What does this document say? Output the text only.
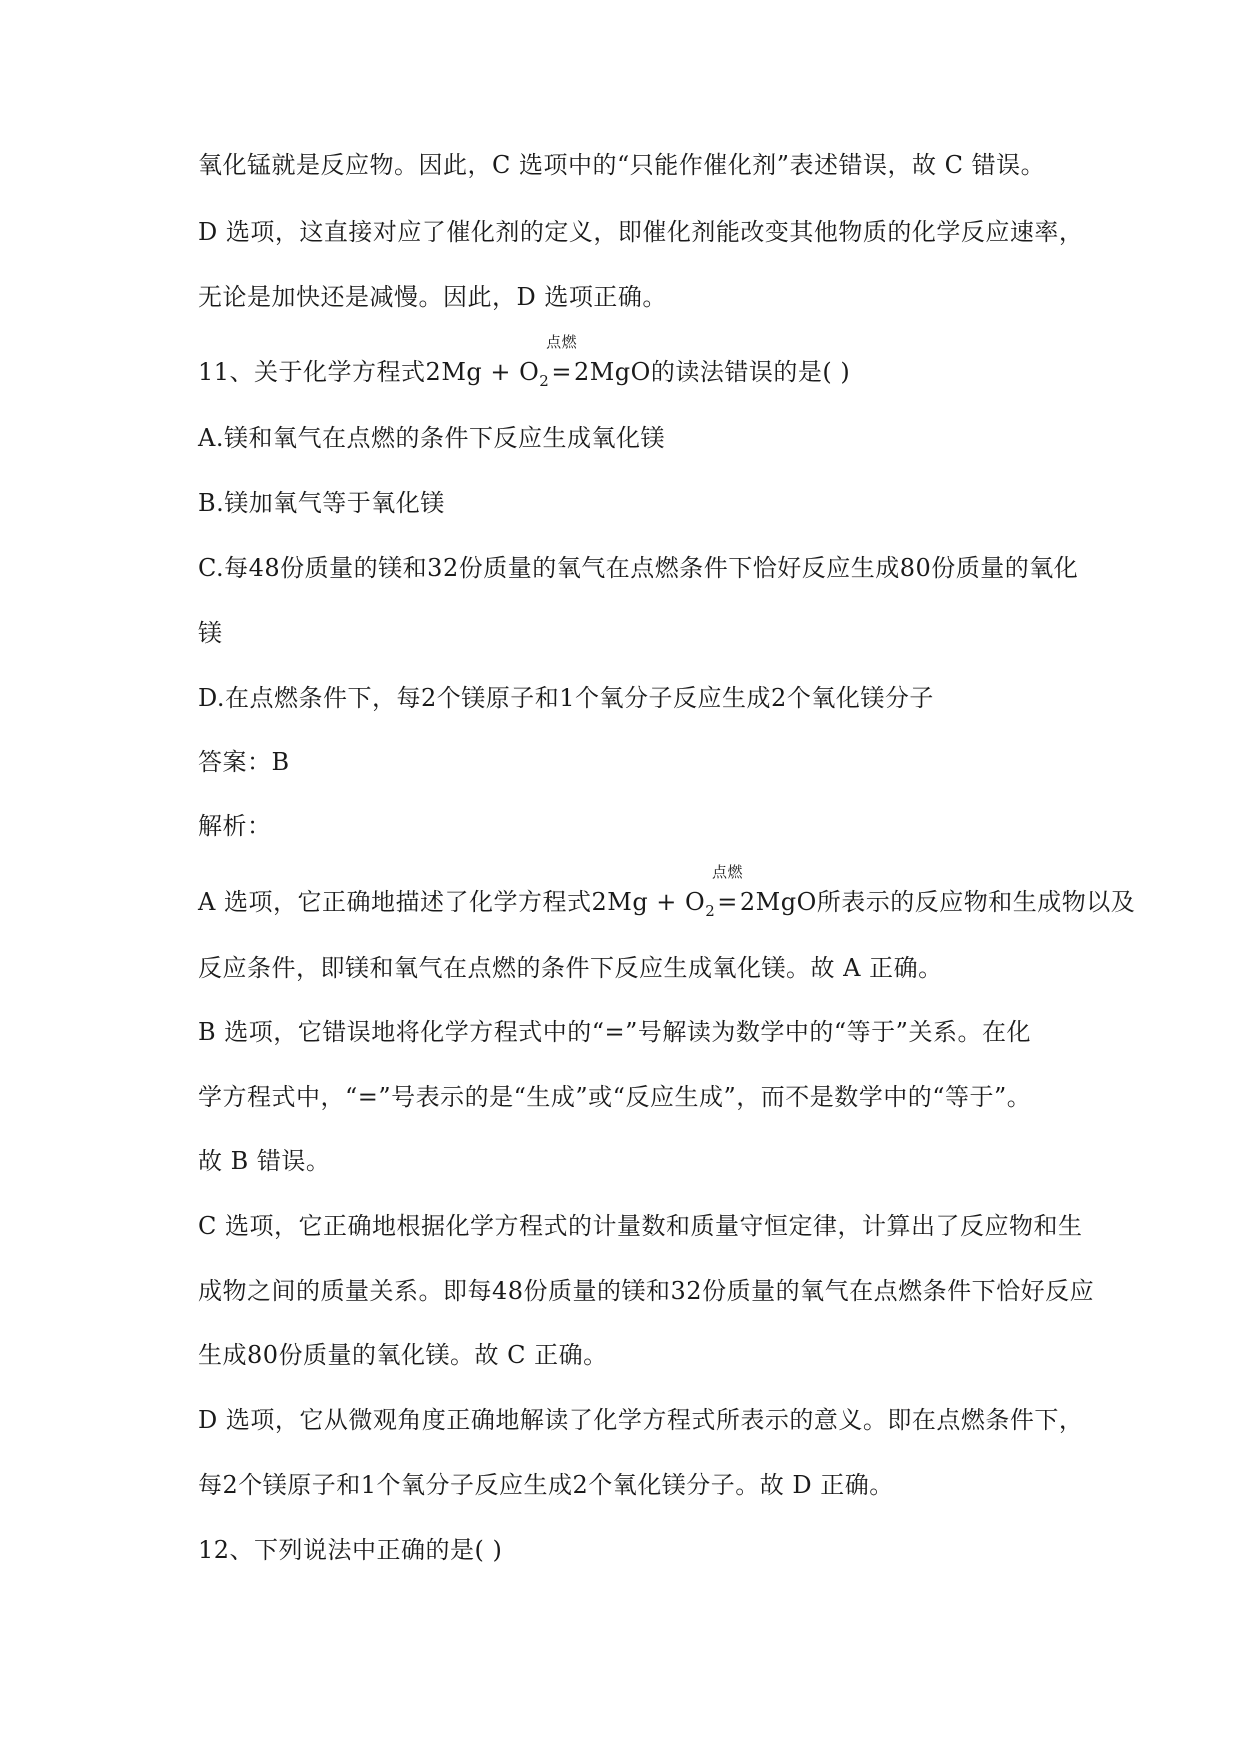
氧化锰就是反应物。因此，C 选项中的“只能作催化剂”表述错误，故 C 错误。
D 选项，这直接对应了催化剂的定义，即催化剂能改变其他物质的化学反应速率，
无论是加快还是减慢。因此，D 选项正确。
11、关于化学方程式$2Mg + O_2$
点燃
=2MgO的读法错误的是( )
A.镁和氧气在点燃的条件下反应生成氧化镁
B.镁加氧气等于氧化镁
C.每48份质量的镁和32份质量的氧气在点燃条件下恰好反应生成80份质量的氧化
镁
D.在点燃条件下，每2个镁原子和1个氧分子反应生成2个氧化镁分子
答案：B
解析：
A 选项，它正确地描述了化学方程式$2Mg + O_2$
点燃
=2MgO所表示的反应物和生成物以及
反应条件，即镁和氧气在点燃的条件下反应生成氧化镁。故 A 正确。
B 选项，它错误地将化学方程式中的“=”号解读为数学中的“等于”关系。在化
学方程式中，“=”号表示的是“生成”或“反应生成”，而不是数学中的“等于”。
故 B 错误。
C 选项，它正确地根据化学方程式的计量数和质量守恒定律，计算出了反应物和生
成物之间的质量关系。即每48份质量的镁和32份质量的氧气在点燃条件下恰好反应
生成80份质量的氧化镁。故 C 正确。
D 选项，它从微观角度正确地解读了化学方程式所表示的意义。即在点燃条件下，
每2个镁原子和1个氧分子反应生成2个氧化镁分子。故 D 正确。
12、下列说法中正确的是( )
